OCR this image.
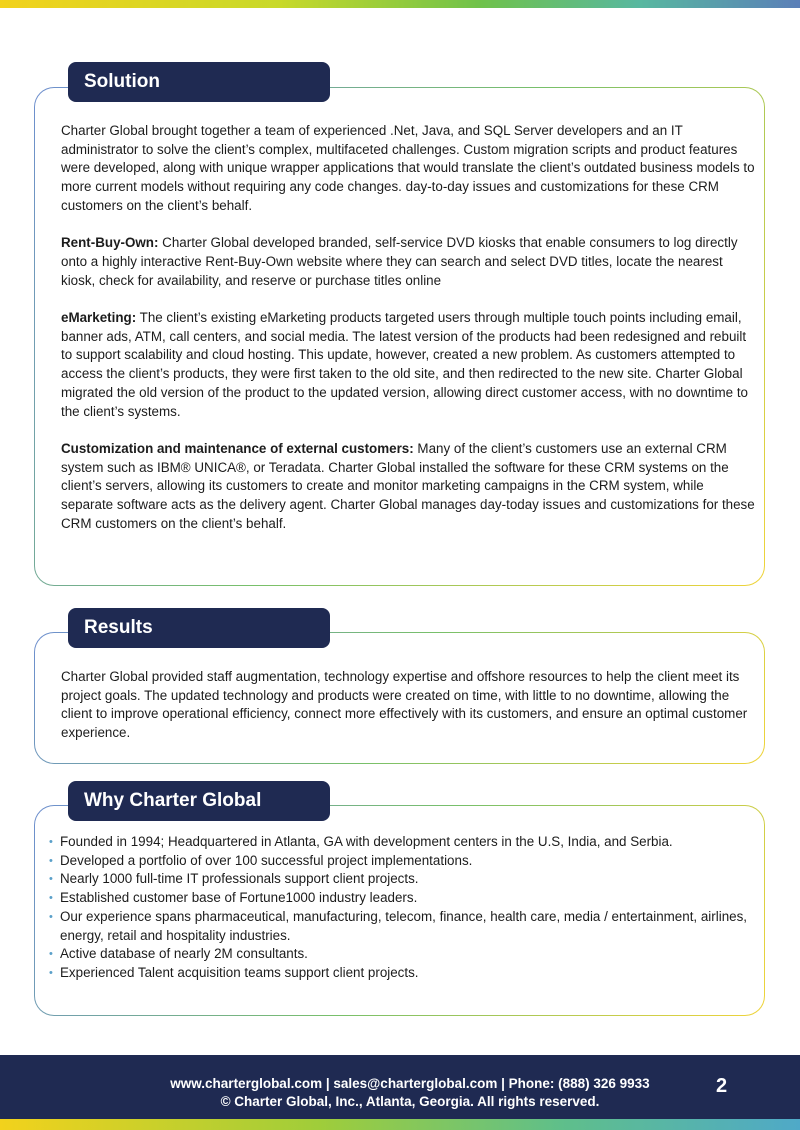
Solution

Charter Global brought together a team of experienced .Net, Java, and SQL Server developers and an IT administrator to solve the client’s complex, multifaceted challenges. Custom migration scripts and product features were developed, along with unique wrapper applications that would translate the client’s outdated business models to more current models without requiring any code changes. day-to-day issues and customizations for these CRM customers on the client’s behalf.

Rent-Buy-Own: Charter Global developed branded, self-service DVD kiosks that enable consumers to log directly onto a highly interactive Rent-Buy-Own website where they can search and select DVD titles, locate the nearest kiosk, check for availability, and reserve or purchase titles online

eMarketing: The client’s existing eMarketing products targeted users through multiple touch points including email, banner ads, ATM, call centers, and social media. The latest version of the products had been redesigned and rebuilt to support scalability and cloud hosting. This update, however, created a new problem. As customers attempted to access the client’s products, they were first taken to the old site, and then redirected to the new site. Charter Global migrated the old version of the product to the updated version, allowing direct customer access, with no downtime to the client’s systems.

Customization and maintenance of external customers: Many of the client’s customers use an external CRM system such as IBM® UNICA®, or Teradata. Charter Global installed the software for these CRM systems on the client’s servers, allowing its customers to create and monitor marketing campaigns in the CRM system, while separate software acts as the delivery agent. Charter Global manages day-today issues and customizations for these CRM customers on the client’s behalf.

Results

Charter Global provided staff augmentation, technology expertise and offshore resources to help the client meet its project goals. The updated technology and products were created on time, with little to no downtime, allowing the client to improve operational efficiency, connect more effectively with its customers, and ensure an optimal customer experience.

Why Charter Global
• Founded in 1994; Headquartered in Atlanta, GA with development centers in the U.S, India, and Serbia.
• Developed a portfolio of over 100 successful project implementations.
• Nearly 1000 full-time IT professionals support client projects.
• Established customer base of Fortune1000 industry leaders.
• Our experience spans pharmaceutical, manufacturing, telecom, finance, health care, media / entertainment, airlines, energy, retail and hospitality industries.
• Active database of nearly 2M consultants.
• Experienced Talent acquisition teams support client projects.
www.charterglobal.com | sales@charterglobal.com | Phone: (888) 326 9933
© Charter Global, Inc., Atlanta, Georgia. All rights reserved.
2
